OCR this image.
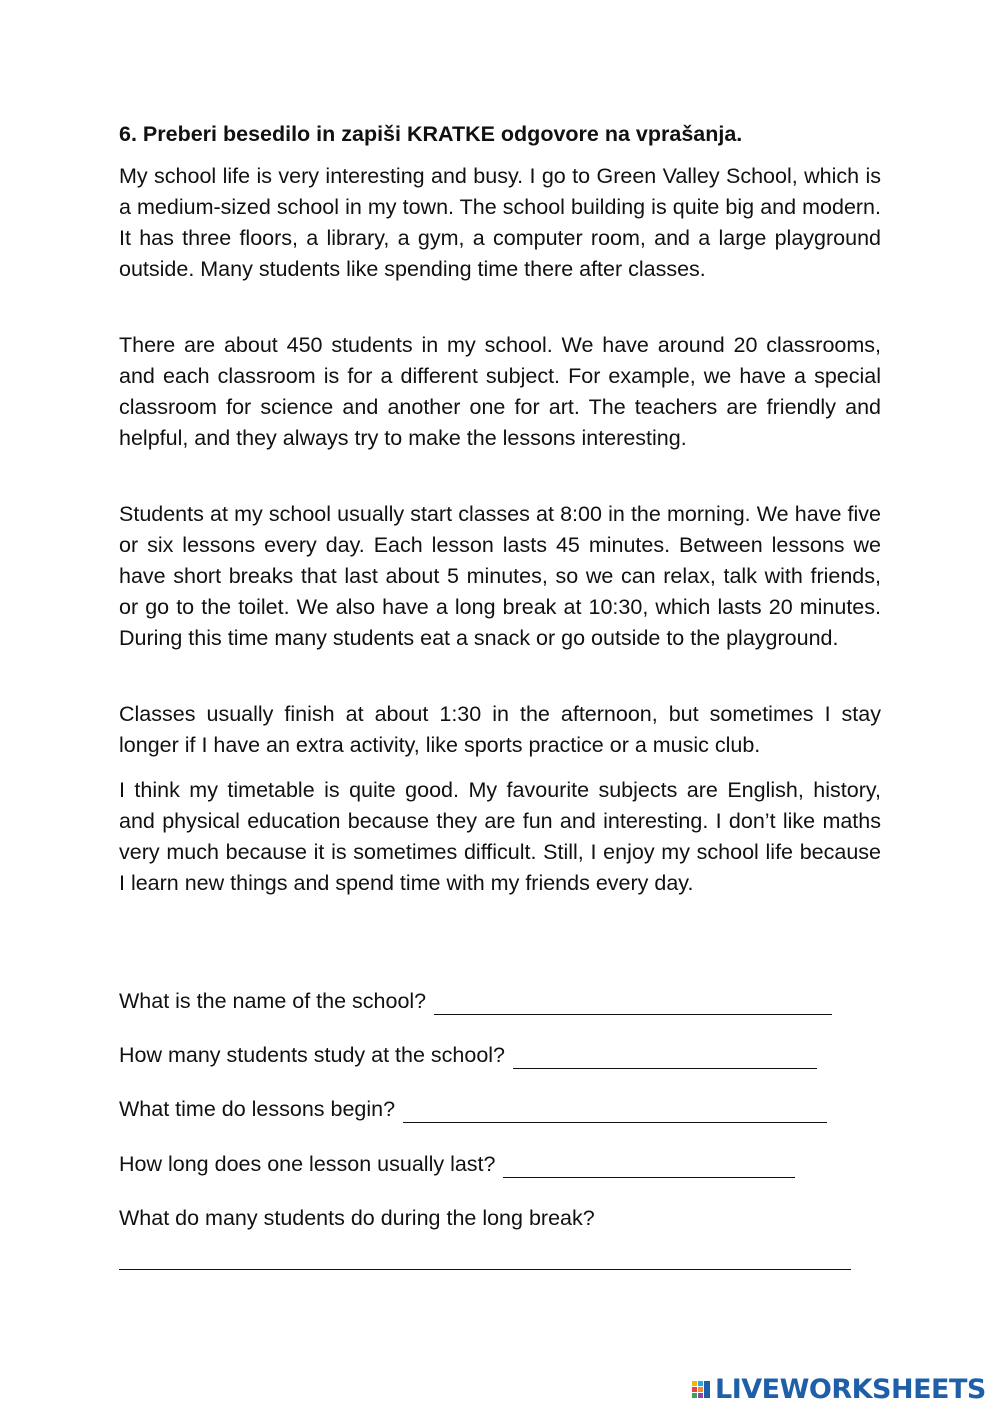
6. Preberi besedilo in zapiši KRATKE odgovore na vprašanja.

My school life is very interesting and busy. I go to Green Valley School, which is a medium-sized school in my town. The school building is quite big and modern. It has three floors, a library, a gym, a computer room, and a large playground outside. Many students like spending time there after classes.

There are about 450 students in my school. We have around 20 classrooms, and each classroom is for a different subject. For example, we have a special classroom for science and another one for art. The teachers are friendly and helpful, and they always try to make the lessons interesting.

Students at my school usually start classes at 8:00 in the morning. We have five or six lessons every day. Each lesson lasts 45 minutes. Between lessons we have short breaks that last about 5 minutes, so we can relax, talk with friends, or go to the toilet. We also have a long break at 10:30, which lasts 20 minutes. During this time many students eat a snack or go outside to the playground.

Classes usually finish at about 1:30 in the afternoon, but sometimes I stay longer if I have an extra activity, like sports practice or a music club.

I think my timetable is quite good. My favourite subjects are English, history, and physical education because they are fun and interesting. I don’t like maths very much because it is sometimes difficult. Still, I enjoy my school life because I learn new things and spend time with my friends every day.

What is the name of the school?
How many students study at the school?
What time do lessons begin?
How long does one lesson usually last?
What do many students do during the long break?
LIVEWORKSHEETS
